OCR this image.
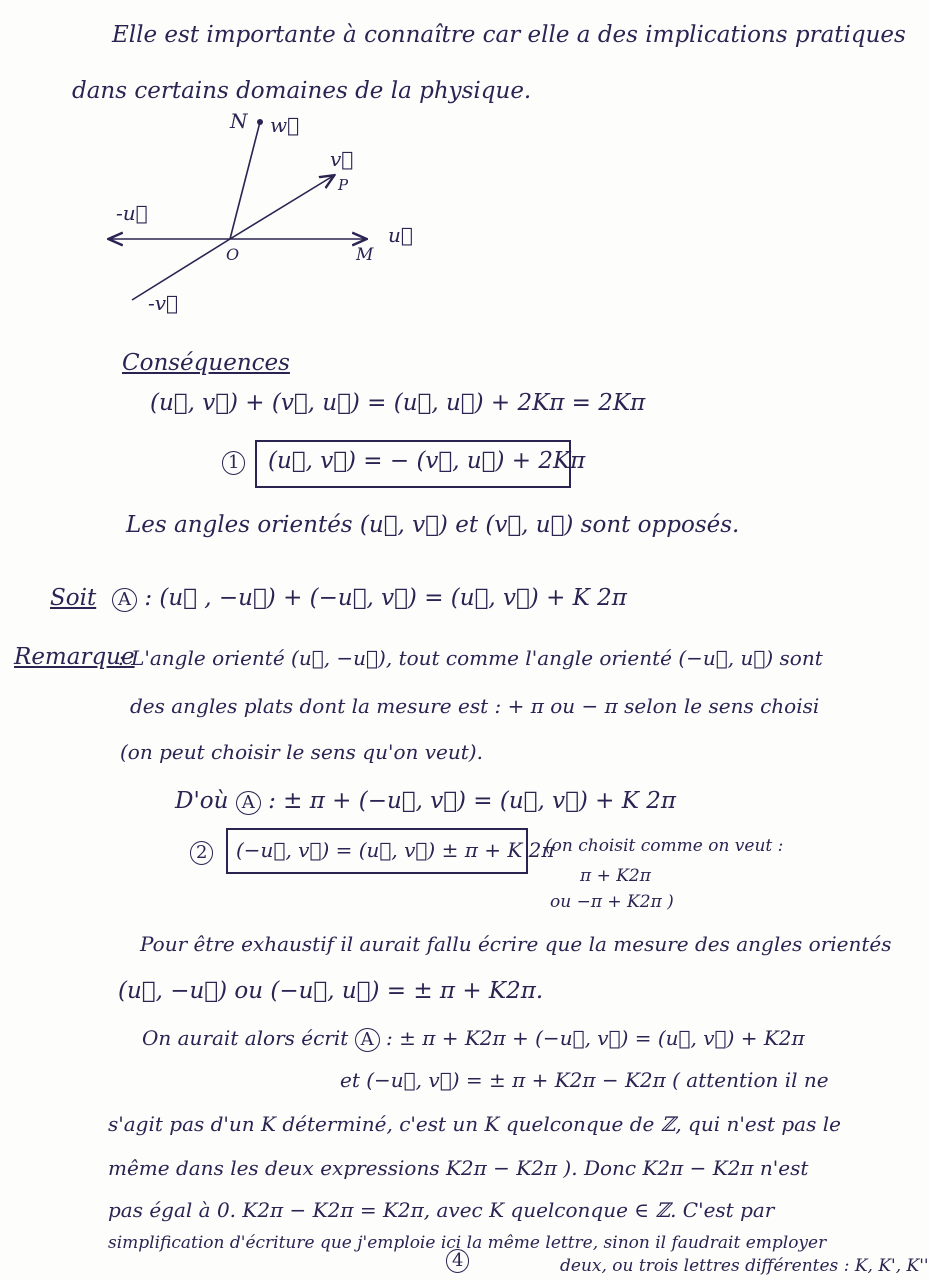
Elle est importante à connaître car elle a des implications pratiques
dans certains domaines de la physique.
N w⃗
v⃗
P
-u⃗
O	M
u⃗
-v⃗
Conséquences
(u⃗, v⃗) + (v⃗, u⃗) = (u⃗, u⃗) + 2Kπ = 2Kπ
1 (u⃗, v⃗) = − (v⃗, u⃗) + 2Kπ
Les angles orientés (u⃗, v⃗) et (v⃗, u⃗) sont opposés.
Soit	A : (u⃗ , −u⃗) + (−u⃗, v⃗) = (u⃗, v⃗) + K 2π
Remarque
: L'angle orienté (u⃗, −u⃗), tout comme l'angle orienté (−u⃗, u⃗) sont
des angles plats dont la mesure est : + π ou − π selon le sens choisi
(on peut choisir le sens qu'on veut).
D'où A : ± π + (−u⃗, v⃗) = (u⃗, v⃗) + K 2π
2	(−u⃗, v⃗) = (u⃗, v⃗) ± π + K 2π
(on choisit comme on veut :
π + K2π
ou −π + K2π )
Pour être exhaustif il aurait fallu écrire que la mesure des angles orientés
(u⃗, −u⃗) ou (−u⃗, u⃗) = ± π + K2π.
On aurait alors écrit A : ± π + K2π + (−u⃗, v⃗) = (u⃗, v⃗) + K2π
et (−u⃗, v⃗) = ± π + K2π − K2π ( attention il ne
s'agit pas d'un K déterminé, c'est un K quelconque de ℤ, qui n'est pas le
même dans les deux expressions K2π − K2π ). Donc K2π − K2π n'est
pas égal à 0. K2π − K2π = K2π, avec K quelconque ∈ ℤ. C'est par
simplification d'écriture que j'emploie ici la même lettre, sinon il faudrait employer
deux, ou trois lettres différentes : K, K', K''
4
